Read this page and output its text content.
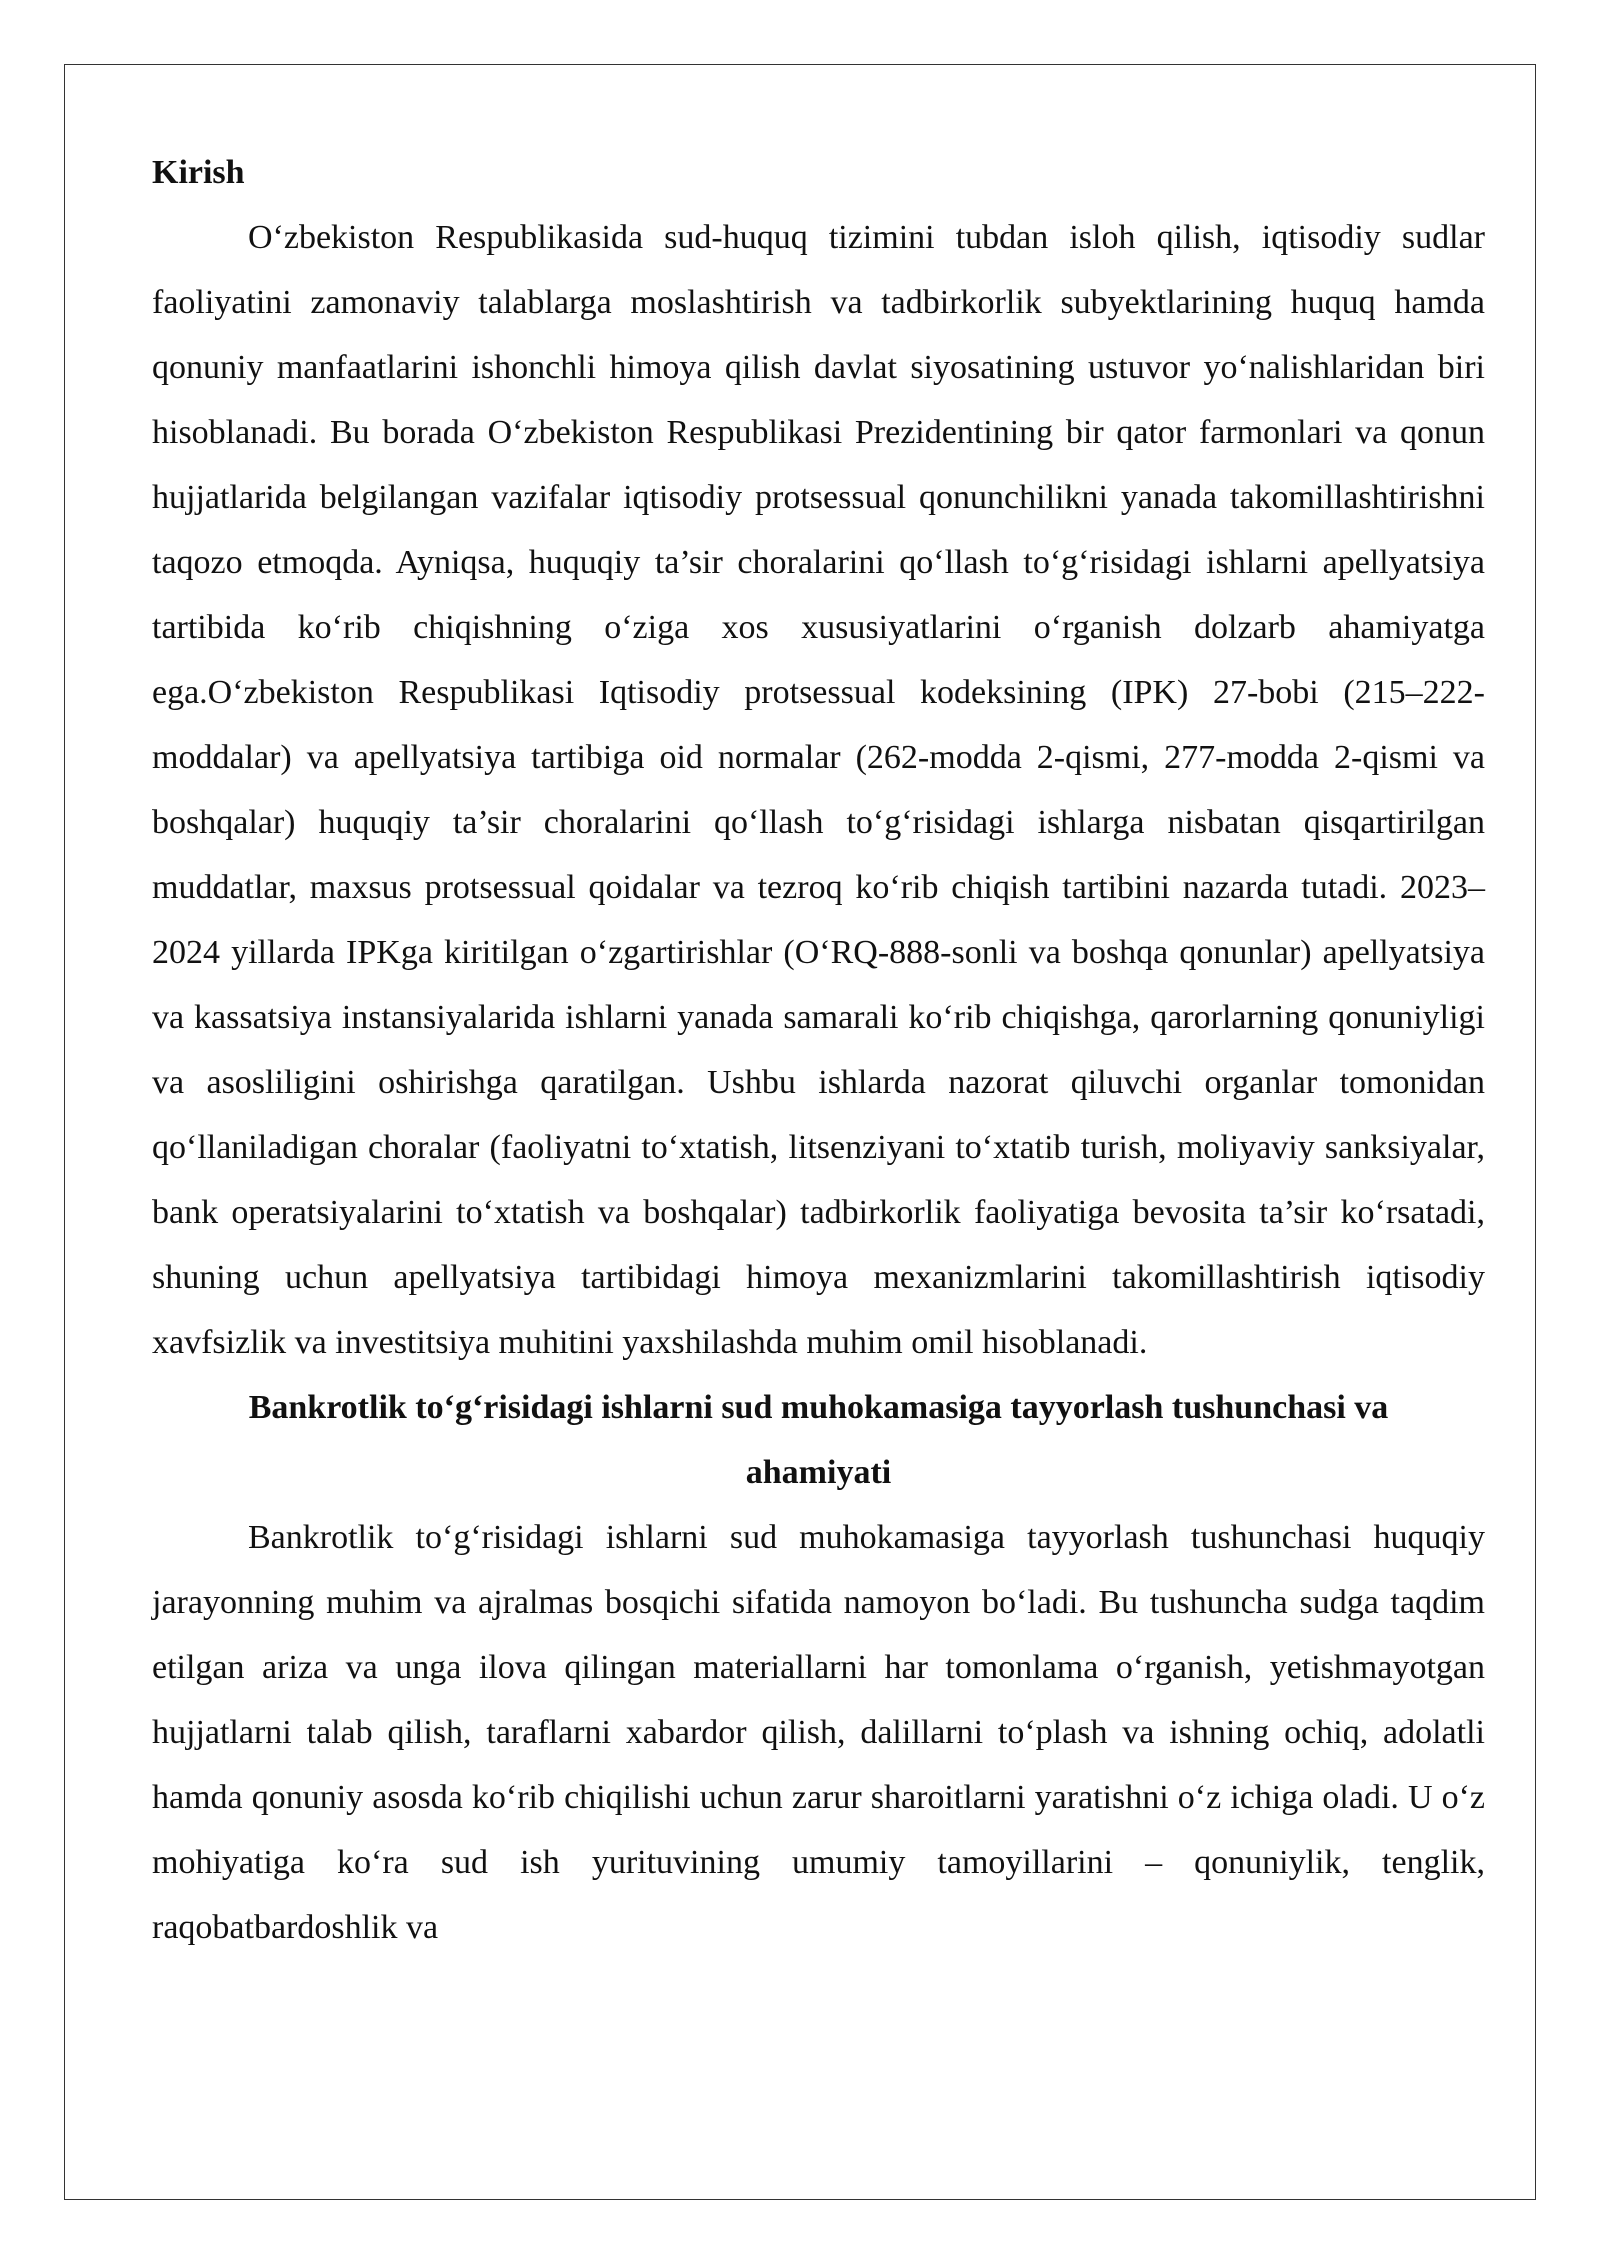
Kirish

O‘zbekiston Respublikasida sud-huquq tizimini tubdan isloh qilish, iqtisodiy sudlar faoliyatini zamonaviy talablarga moslashtirish va tadbirkorlik subyektlarining huquq hamda qonuniy manfaatlarini ishonchli himoya qilish davlat siyosatining ustuvor yo‘nalishlaridan biri hisoblanadi. Bu borada O‘zbekiston Respublikasi Prezidentining bir qator farmonlari va qonun hujjatlarida belgilangan vazifalar iqtisodiy protsessual qonunchilikni yanada takomillashtirishni taqozo etmoqda. Ayniqsa, huquqiy ta’sir choralarini qo‘llash to‘g‘risidagi ishlarni apellyatsiya tartibida ko‘rib chiqishning o‘ziga xos xususiyatlarini o‘rganish dolzarb ahamiyatga ega.O‘zbekiston Respublikasi Iqtisodiy protsessual kodeksining (IPK) 27-bobi (215–222-moddalar) va apellyatsiya tartibiga oid normalar (262-modda 2-qismi, 277-modda 2-qismi va boshqalar) huquqiy ta’sir choralarini qo‘llash to‘g‘risidagi ishlarga nisbatan qisqartirilgan muddatlar, maxsus protsessual qoidalar va tezroq ko‘rib chiqish tartibini nazarda tutadi. 2023–2024 yillarda IPKga kiritilgan o‘zgartirishlar (O‘RQ-888-sonli va boshqa qonunlar) apellyatsiya va kassatsiya instansiyalarida ishlarni yanada samarali ko‘rib chiqishga, qarorlarning qonuniyligi va asosliligini oshirishga qaratilgan. Ushbu ishlarda nazorat qiluvchi organlar tomonidan qo‘llaniladigan choralar (faoliyatni to‘xtatish, litsenziyani to‘xtatib turish, moliyaviy sanksiyalar, bank operatsiyalarini to‘xtatish va boshqalar) tadbirkorlik faoliyatiga bevosita ta’sir ko‘rsatadi, shuning uchun apellyatsiya tartibidagi himoya mexanizmlarini takomillashtirish iqtisodiy xavfsizlik va investitsiya muhitini yaxshilashda muhim omil hisoblanadi.

Bankrotlik to‘g‘risidagi ishlarni sud muhokamasiga tayyorlash tushunchasi va ahamiyati

Bankrotlik to‘g‘risidagi ishlarni sud muhokamasiga tayyorlash tushunchasi huquqiy jarayonning muhim va ajralmas bosqichi sifatida namoyon bo‘ladi. Bu tushuncha sudga taqdim etilgan ariza va unga ilova qilingan materiallarni har tomonlama o‘rganish, yetishmayotgan hujjatlarni talab qilish, taraflarni xabardor qilish, dalillarni to‘plash va ishning ochiq, adolatli hamda qonuniy asosda ko‘rib chiqilishi uchun zarur sharoitlarni yaratishni o‘z ichiga oladi. U o‘z mohiyatiga ko‘ra sud ish yurituvining umumiy tamoyillarini – qonuniylik, tenglik, raqobatbardoshlik va
